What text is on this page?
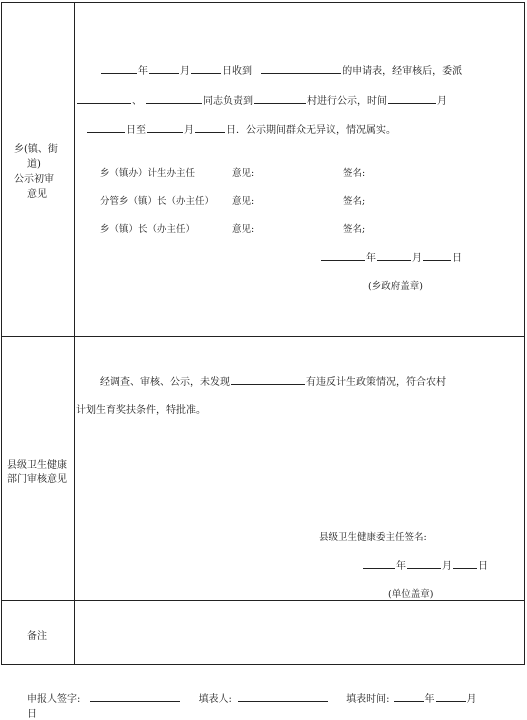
乡(镇、街
道)
公示初审
意见
年	月	日收到	的申请表，经审核后，委派
、	同志负责到	村进行公示，时间	月
日至	月	日．公示期间群众无异议，情况属实。
乡（镇办）计生办主任	意见:	签名:
分管乡（镇）长（办主任） 意见:	签名;
乡（镇）长（办主任）	意见:	签名;
年	月	日
(乡政府盖章)
县级卫生健康
部门审核意见
经调查、审核、公示，未发现	有违反计生政策情况，符合农村
计划生育奖扶条件，特批准。
县级卫生健康委主任签名:
年	月	日
(单位盖章)
备注
申报人签字:	填表人:	填表时间:	年	月
日
